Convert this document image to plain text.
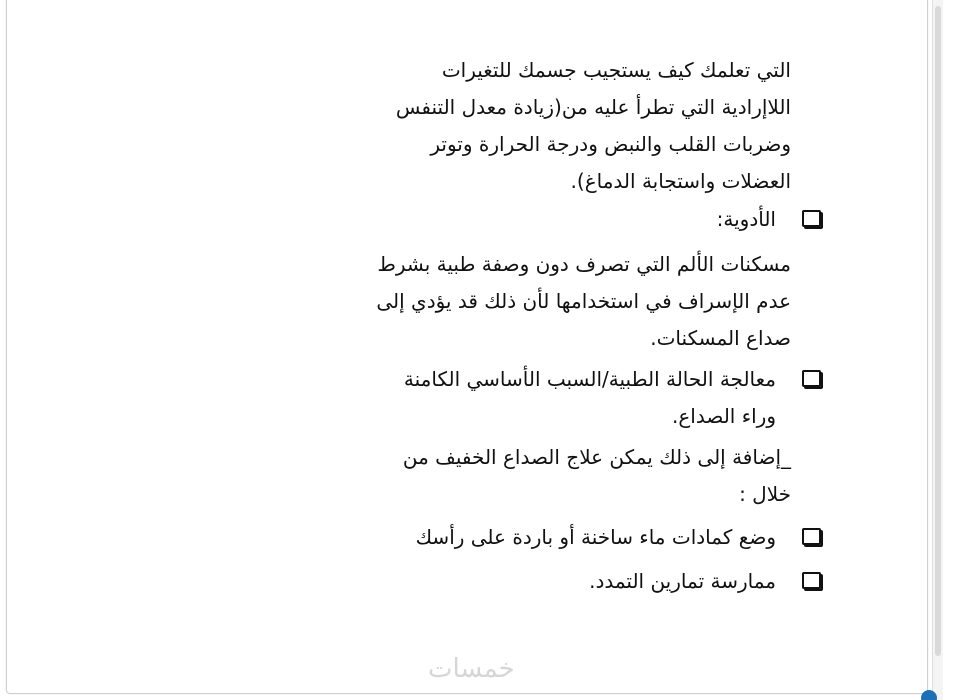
التي تعلمك كيف يستجيب جسمك للتغيرات
اللاإرادية التي تطرأ عليه من(زيادة معدل التنفس
وضربات القلب والنبض ودرجة الحرارة وتوتر
العضلات واستجابة الدماغ).
الأدوية:
مسكنات الألم التي تصرف دون وصفة طبية بشرط
عدم الإسراف في استخدامها لأن ذلك قد يؤدي إلى
صداع المسكنات.
معالجة الحالة الطبية/السبب الأساسي الكامنة
وراء الصداع.
_إضافة إلى ذلك يمكن علاج الصداع الخفيف من
خلال :
وضع كمادات ماء ساخنة أو باردة على رأسك
ممارسة تمارين التمدد.
خمسات
